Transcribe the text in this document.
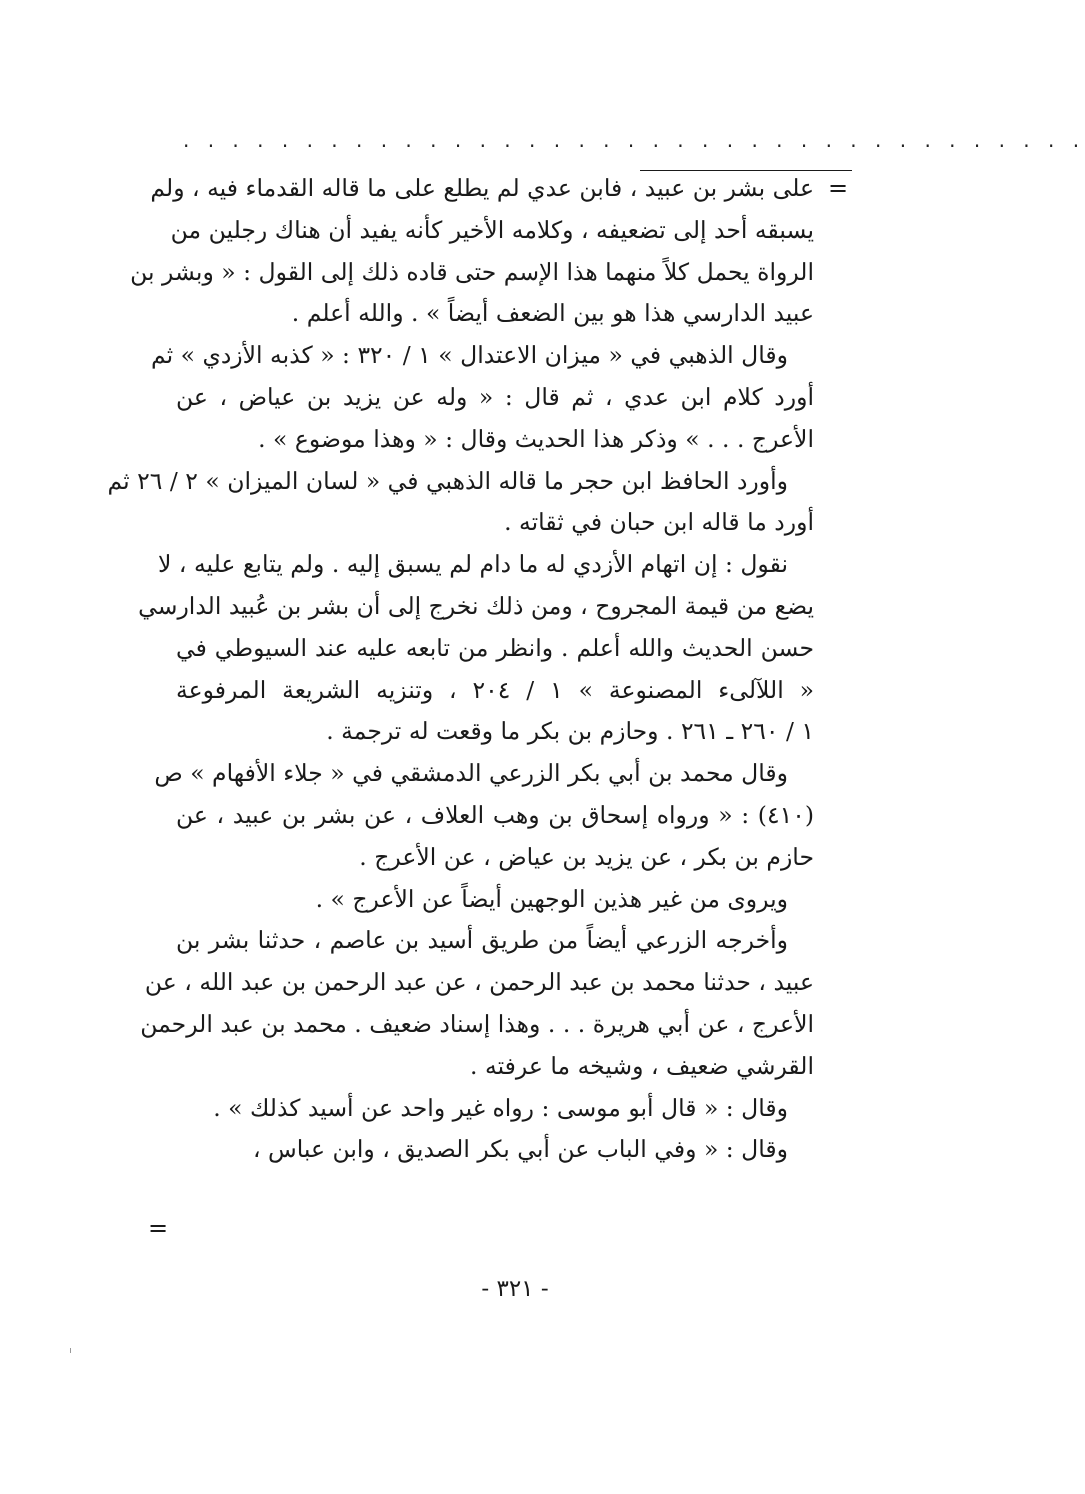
. . . . . . . . . . . . . . . . . . . . . . . . . . . . . . . . . . . . .
=
على بشر بن عبيد ، فابن عدي لم يطلع على ما قاله القدماء فيه ، ولم
يسبقه أحد إلى تضعيفه ، وكلامه الأخير كأنه يفيد أن هناك رجلين من
الرواة يحمل كلاً منهما هذا الإسم حتى قاده ذلك إلى القول : « وبشر بن
عبيد الدارسي هذا هو بين الضعف أيضاً » . والله أعلم .
وقال الذهبي في « ميزان الاعتدال » ١ / ٣٢٠ : « كذبه الأزدي » ثم
أورد كلام ابن عدي ، ثم قال : « وله عن يزيد بن عياض ، عن
الأعرج . . . » وذكر هذا الحديث وقال : « وهذا موضوع » .
وأورد الحافظ ابن حجر ما قاله الذهبي في « لسان الميزان » ٢ / ٢٦ ثم
أورد ما قاله ابن حبان في ثقاته .
نقول : إن اتهام الأزدي له ما دام لم يسبق إليه . ولم يتابع عليه ، لا
يضع من قيمة المجروح ، ومن ذلك نخرج إلى أن بشر بن عُبيد الدارسي
حسن الحديث والله أعلم . وانظر من تابعه عليه عند السيوطي في
« اللآلىء المصنوعة » ١ / ٢٠٤ ، وتنزيه الشريعة المرفوعة
١ / ٢٦٠ ـ ٢٦١ . وحازم بن بكر ما وقعت له ترجمة .
وقال محمد بن أبي بكر الزرعي الدمشقي في « جلاء الأفهام » ص
(٤١٠) : « ورواه إسحاق بن وهب العلاف ، عن بشر بن عبيد ، عن
حازم بن بكر ، عن يزيد بن عياض ، عن الأعرج .
ويروى من غير هذين الوجهين أيضاً عن الأعرج » .
وأخرجه الزرعي أيضاً من طريق أسيد بن عاصم ، حدثنا بشر بن
عبيد ، حدثنا محمد بن عبد الرحمن ، عن عبد الرحمن بن عبد الله ، عن
الأعرج ، عن أبي هريرة . . . وهذا إسناد ضعيف . محمد بن عبد الرحمن
القرشي ضعيف ، وشيخه ما عرفته .
وقال : « قال أبو موسى : رواه غير واحد عن أسيد كذلك » .
وقال : « وفي الباب عن أبي بكر الصديق ، وابن عباس ،
=
- ٣٢١ -
